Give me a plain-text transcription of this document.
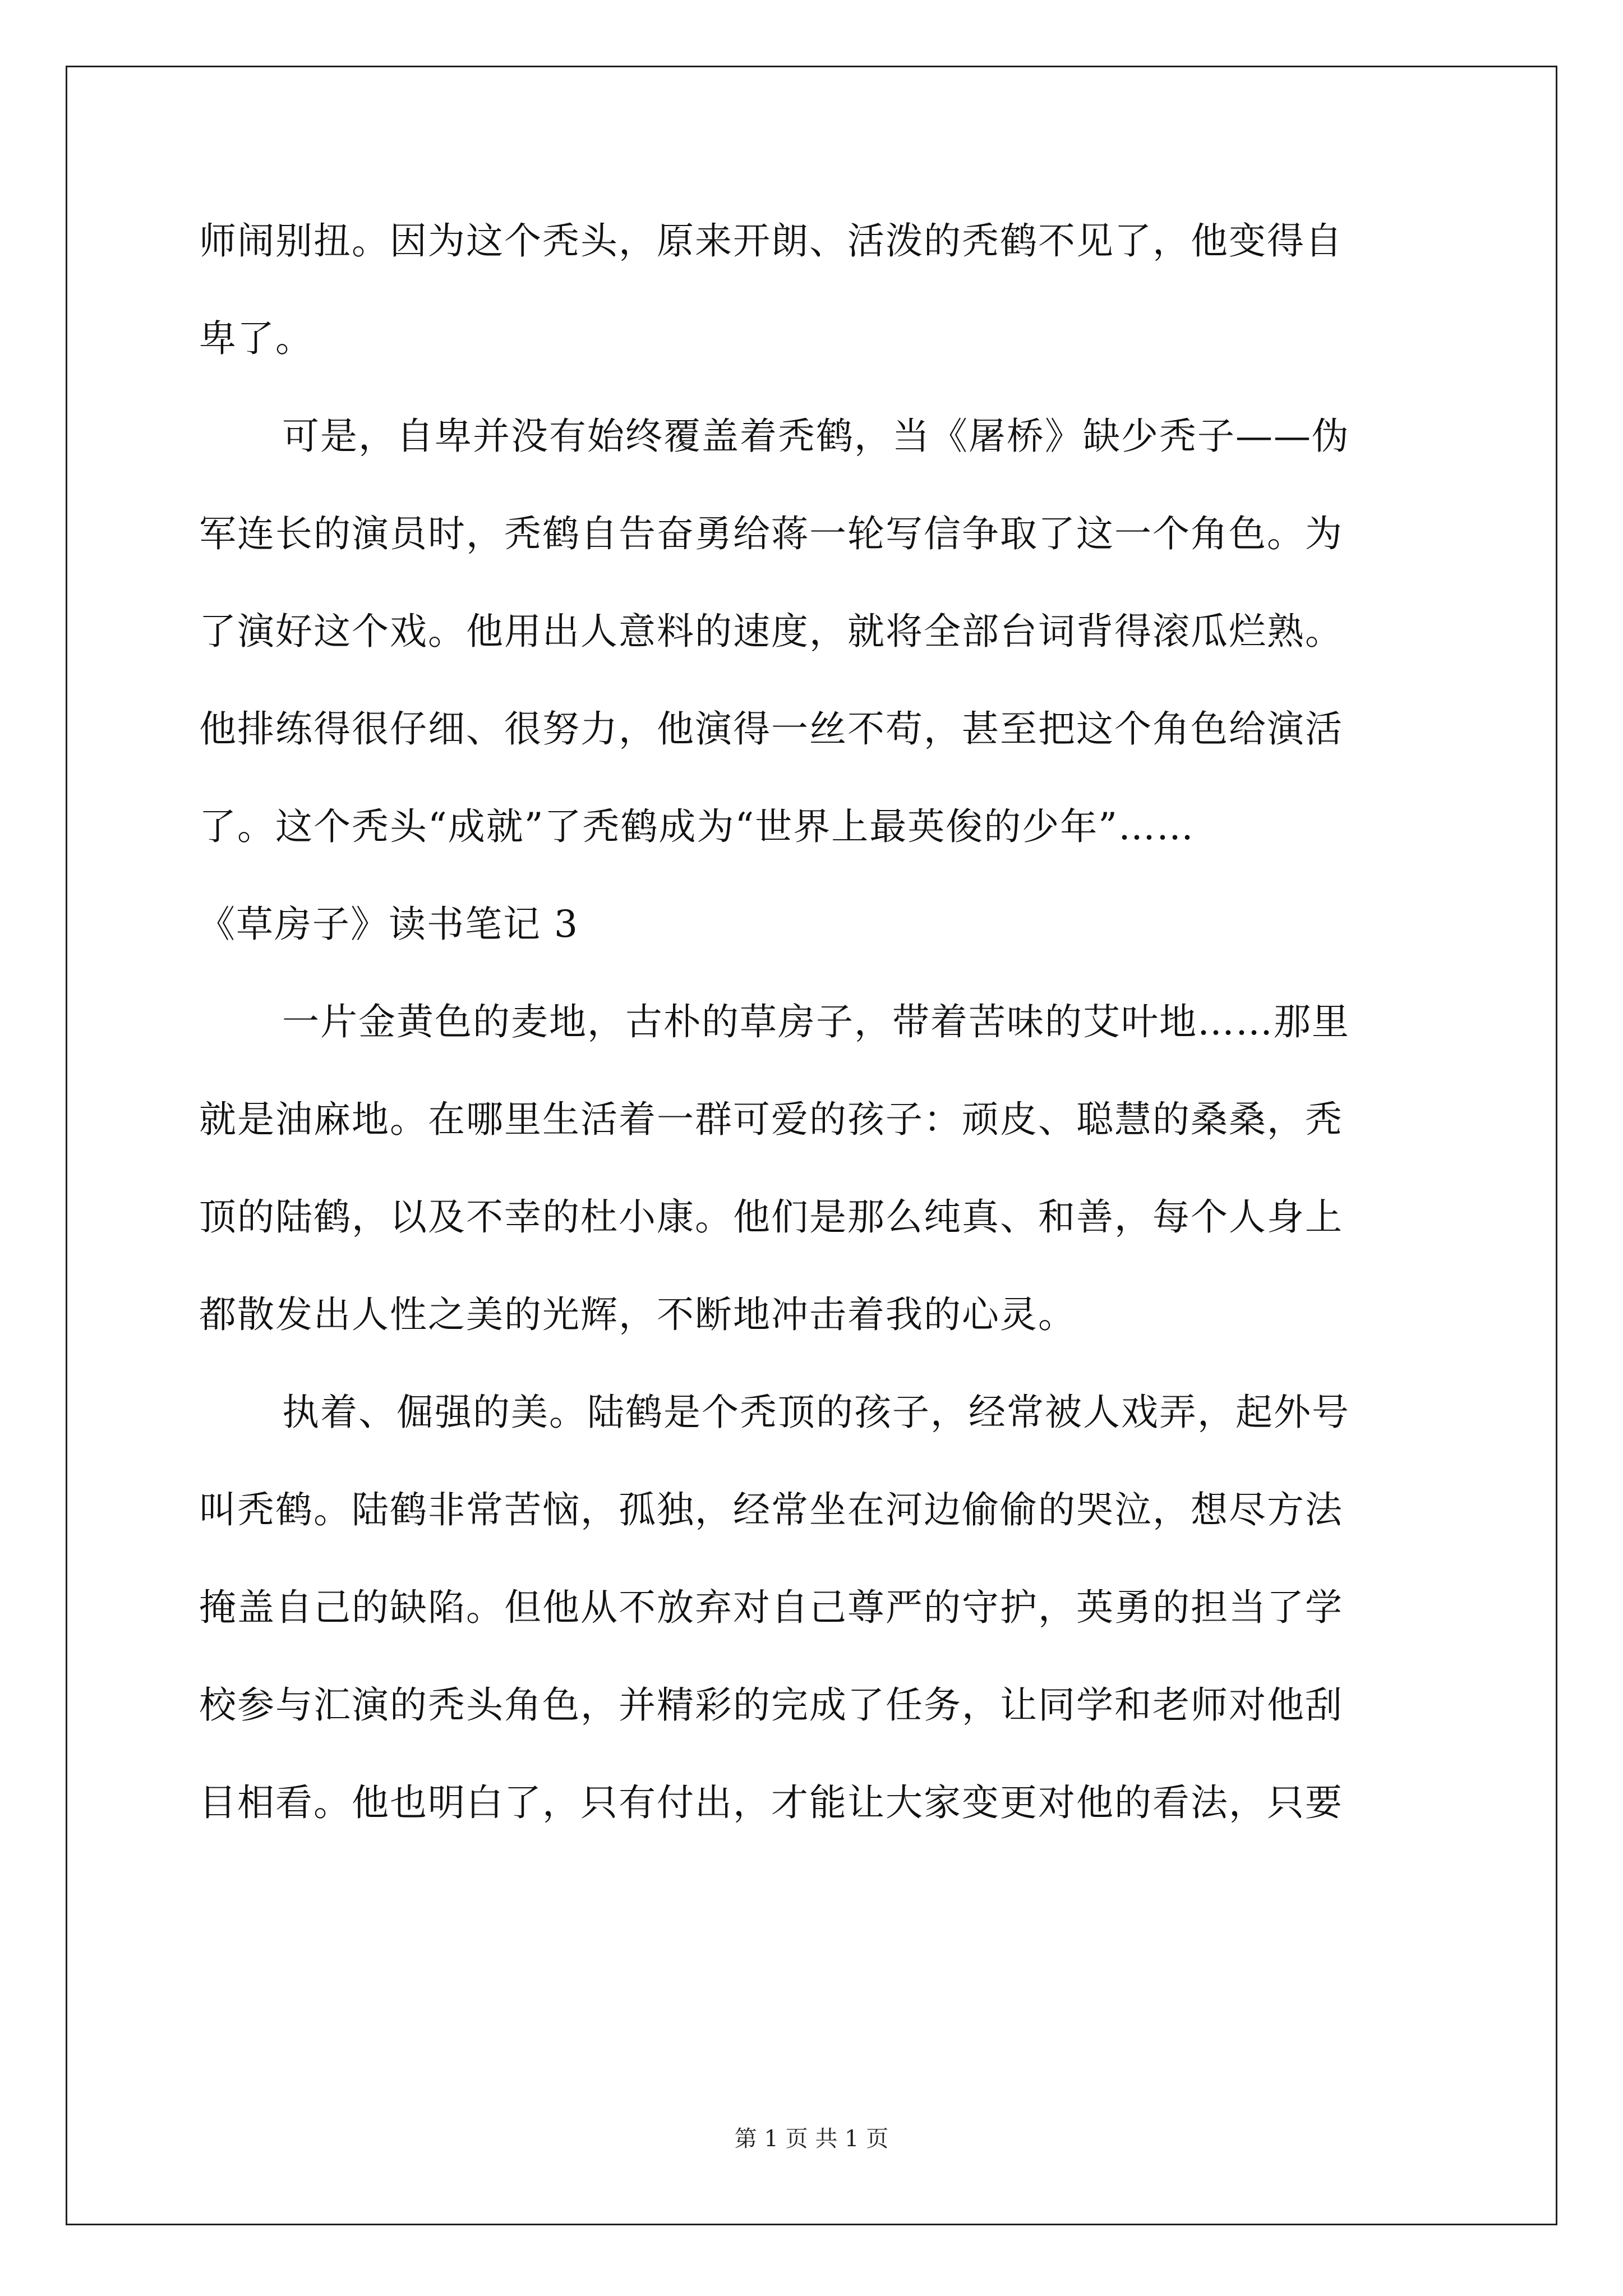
师闹别扭。因为这个秃头，原来开朗、活泼的秃鹤不见了，他变得自
卑了。
可是，自卑并没有始终覆盖着秃鹤，当《屠桥》缺少秃子——伪
军连长的演员时，秃鹤自告奋勇给蒋一轮写信争取了这一个角色。为
了演好这个戏。他用出人意料的速度，就将全部台词背得滚瓜烂熟。
他排练得很仔细、很努力，他演得一丝不苟，甚至把这个角色给演活
了。这个秃头“成就”了秃鹤成为“世界上最英俊的少年”……
《草房子》读书笔记 3
一片金黄色的麦地，古朴的草房子，带着苦味的艾叶地……那里
就是油麻地。在哪里生活着一群可爱的孩子：顽皮、聪慧的桑桑，秃
顶的陆鹤，以及不幸的杜小康。他们是那么纯真、和善，每个人身上
都散发出人性之美的光辉，不断地冲击着我的心灵。
执着、倔强的美。陆鹤是个秃顶的孩子，经常被人戏弄，起外号
叫秃鹤。陆鹤非常苦恼，孤独，经常坐在河边偷偷的哭泣，想尽方法
掩盖自己的缺陷。但他从不放弃对自己尊严的守护，英勇的担当了学
校参与汇演的秃头角色，并精彩的完成了任务，让同学和老师对他刮
目相看。他也明白了，只有付出，才能让大家变更对他的看法，只要
第 1 页 共 1 页
